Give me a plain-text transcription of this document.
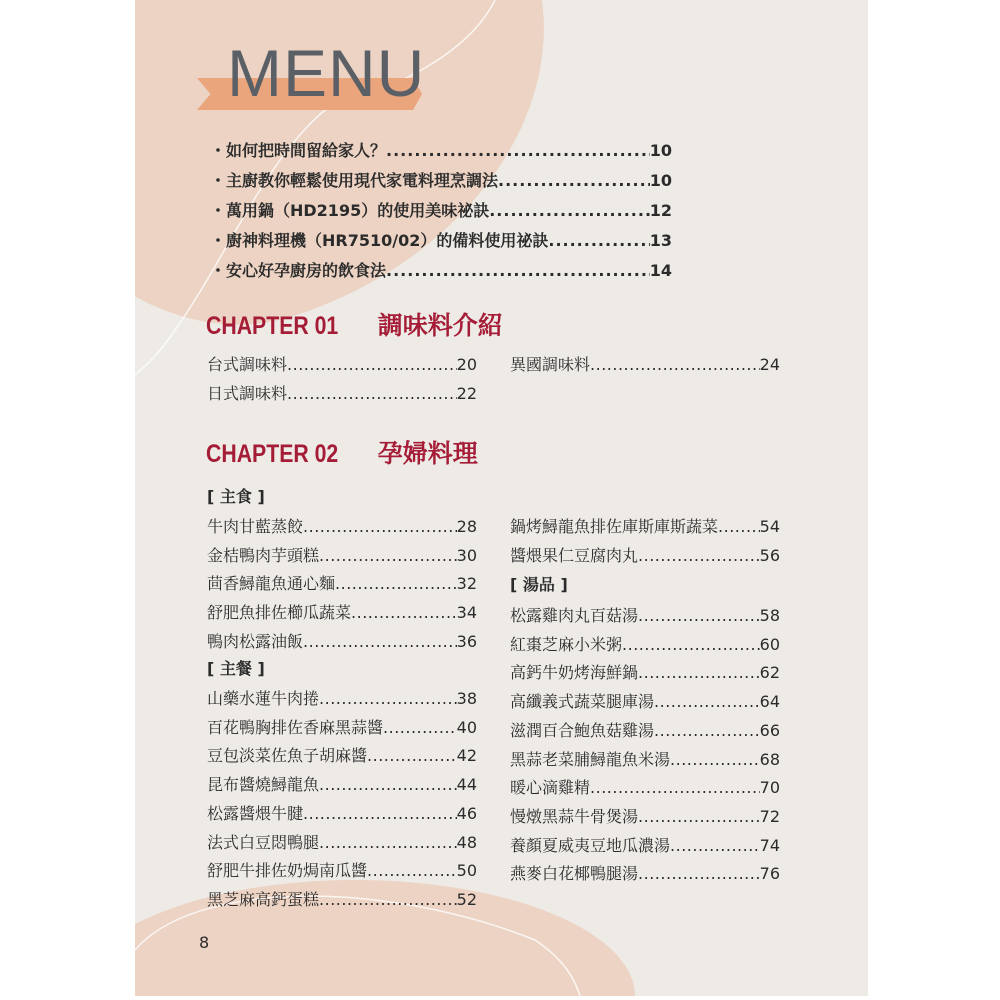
MENU
・如何把時間留給家人？ .....	10
・主廚教你輕鬆使用現代家電料理烹調法 .....	10
・萬用鍋（HD2195）的使用美味祕訣 .....	12
・廚神料理機（HR7510/02）的備料使用祕訣 .....	13
・安心好孕廚房的飲食法 .....	14
CHAPTER 01 調味料介紹
台式調味料 .....	20
日式調味料 .....	22
異國調味料 .....	24
CHAPTER 02 孕婦料理
[ 主食 ]
[ 主餐 ]
[ 湯品 ]
牛肉甘藍蒸餃 .....	28
金桔鴨肉芋頭糕 .....	30
茴香鱘龍魚通心麵 .....	32
舒肥魚排佐櫛瓜蔬菜 .....	34
鴨肉松露油飯 .....	36
山藥水蓮牛肉捲 .....	38
百花鴨胸排佐香麻黑蒜醬 .....	40
豆包淡菜佐魚子胡麻醬 .....	42
昆布醬燒鱘龍魚 .....	44
松露醬煨牛腱 .....	46
法式白豆悶鴨腿 .....	48
舒肥牛排佐奶焗南瓜醬 .....	50
黑芝麻高鈣蛋糕 .....	52
鍋烤鱘龍魚排佐庫斯庫斯蔬菜 .....	54
醬煨果仁豆腐肉丸 .....	56
松露雞肉丸百菇湯 .....	58
紅棗芝麻小米粥 .....	60
高鈣牛奶烤海鮮鍋 .....	62
高纖義式蔬菜腿庫湯 .....	64
滋潤百合鮑魚菇雞湯 .....	66
黑蒜老菜脯鱘龍魚米湯 .....	68
暖心滴雞精 .....	70
慢燉黑蒜牛骨煲湯 .....	72
養顏夏威夷豆地瓜濃湯 .....	74
燕麥白花椰鴨腿湯 .....	76
8
